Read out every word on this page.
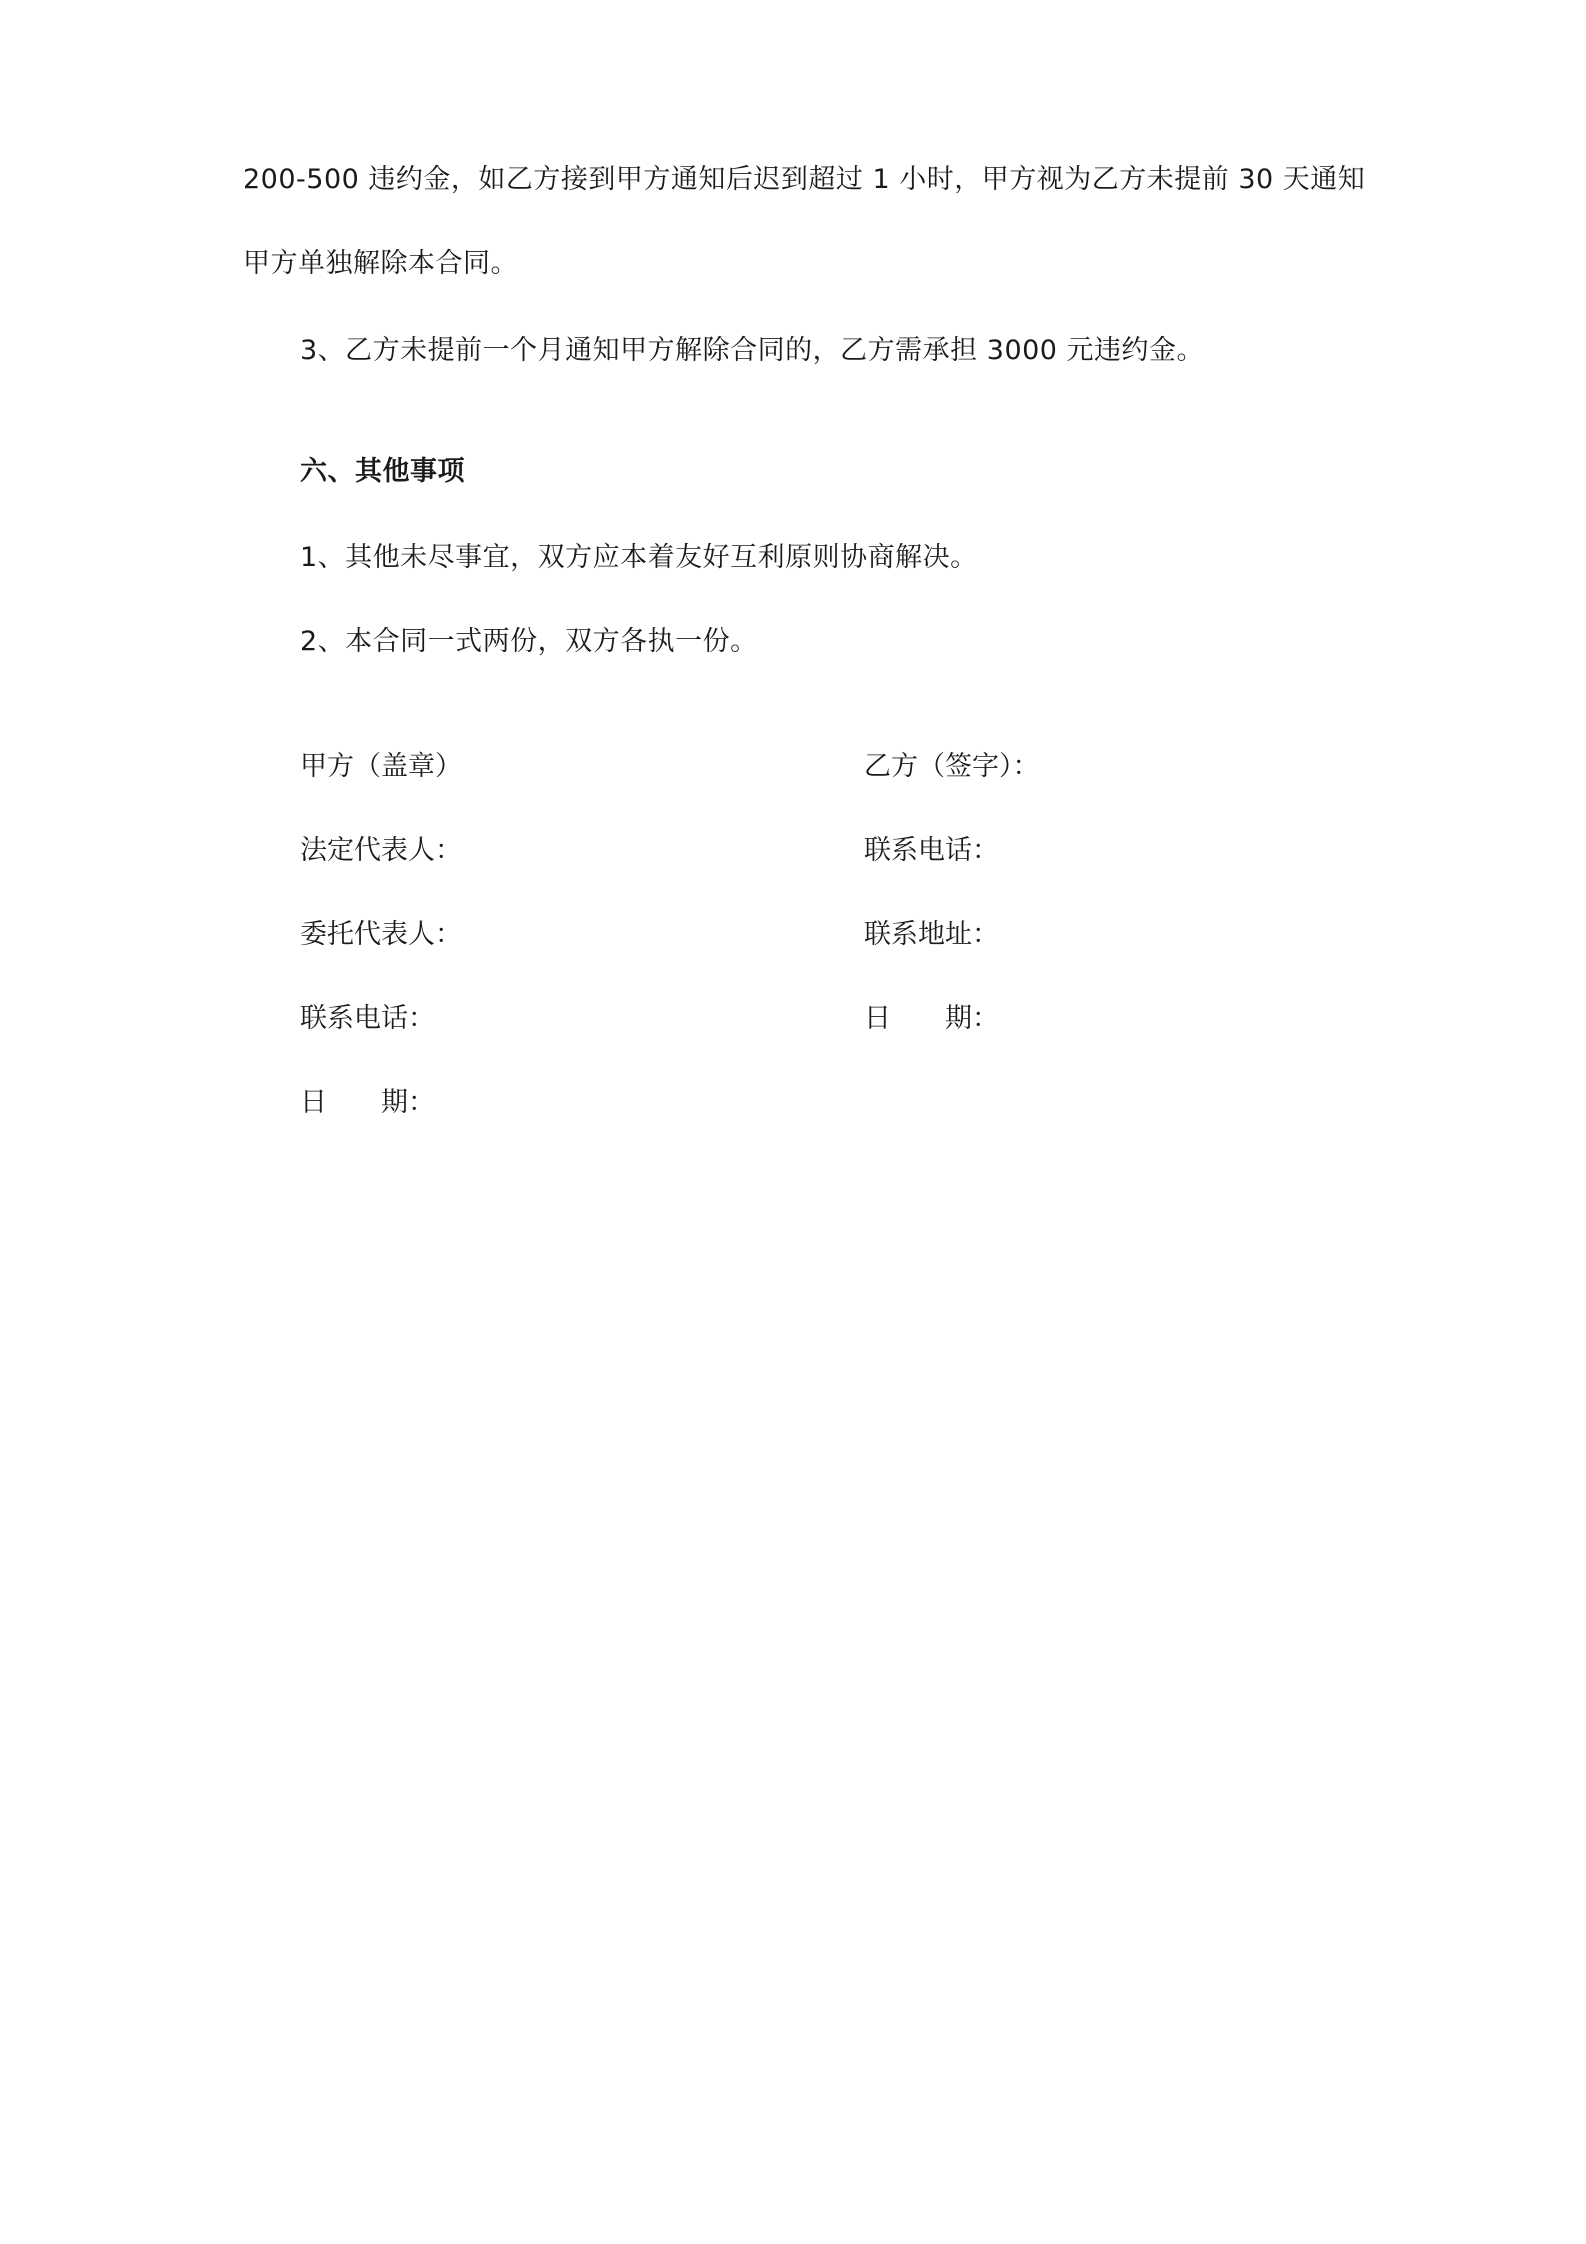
200-500 违约金，如乙方接到甲方通知后迟到超过 1 小时，甲方视为乙方未提前 30 天通知
甲方单独解除本合同。
3、乙方未提前一个月通知甲方解除合同的，乙方需承担 3000 元违约金。
六、其他事项
1、其他未尽事宜，双方应本着友好互利原则协商解决。
2、本合同一式两份，双方各执一份。
甲方（盖章）
法定代表人：
委托代表人：
联系电话：
日　　期：
乙方（签字）：
联系电话：
联系地址：
日　　期：
